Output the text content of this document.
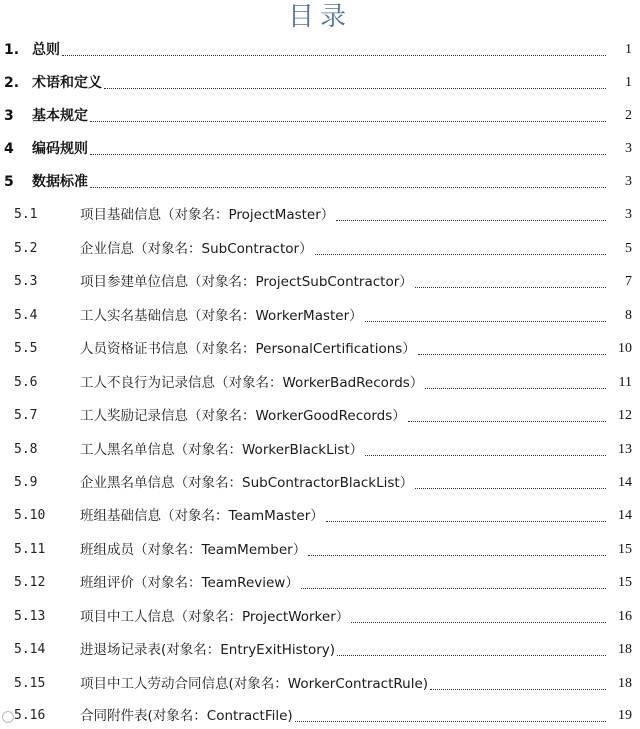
目录
1. 总则	1
2. 术语和定义	1
3 基本规定	2
4 编码规则	3
5 数据标准	3
5.1	项目基础信息（对象名：ProjectMaster）	3
5.2	企业信息（对象名：SubContractor）	5
5.3	项目参建单位信息（对象名：ProjectSubContractor）	7
5.4	工人实名基础信息（对象名：WorkerMaster）	8
5.5	人员资格证书信息（对象名：PersonalCertifications）	10
5.6	工人不良行为记录信息（对象名：WorkerBadRecords）	11
5.7	工人奖励记录信息（对象名：WorkerGoodRecords）	12
5.8	工人黑名单信息（对象名：WorkerBlackList）	13
5.9	企业黑名单信息（对象名：SubContractorBlackList）	14
5.10	班组基础信息（对象名：TeamMaster）	14
5.11	班组成员（对象名：TeamMember）	15
5.12	班组评价（对象名：TeamReview）	15
5.13	项目中工人信息（对象名：ProjectWorker）	16
5.14	进退场记录表(对象名：EntryExitHistory)	18
5.15	项目中工人劳动合同信息(对象名：WorkerContractRule)	18
5.16	合同附件表(对象名：ContractFile)	19
